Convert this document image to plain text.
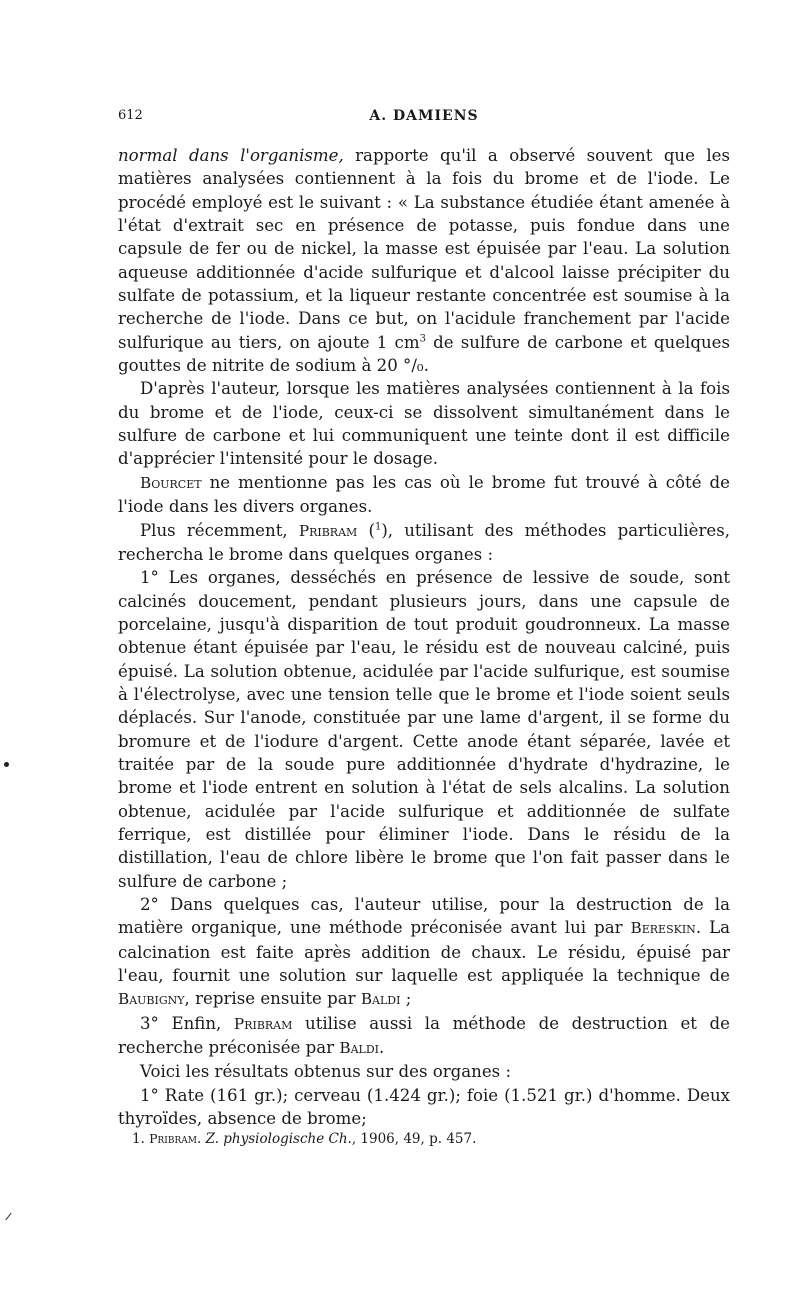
612	A. DAMIENS

normal dans l'organisme, rapporte qu'il a observé souvent que les matières analysées contiennent à la fois du brome et de l'iode. Le procédé employé est le suivant : « La substance étudiée étant amenée à l'état d'extrait sec en présence de potasse, puis fondue dans une capsule de fer ou de nickel, la masse est épuisée par l'eau. La solution aqueuse additionnée d'acide sulfurique et d'alcool laisse précipiter du sulfate de potassium, et la liqueur restante concentrée est soumise à la recherche de l'iode. Dans ce but, on l'acidule franchement par l'acide sulfurique au tiers, on ajoute 1 $cm^3$ de sulfure de carbone et quelques gouttes de nitrite de sodium à 20 °/₀.

D'après l'auteur, lorsque les matières analysées contiennent à la fois du brome et de l'iode, ceux-ci se dissolvent simultanément dans le sulfure de carbone et lui communiquent une teinte dont il est difficile d'apprécier l'intensité pour le dosage.

Bourcet ne mentionne pas les cas où le brome fut trouvé à côté de l'iode dans les divers organes.

Plus récemment, Pribram ($^1$), utilisant des méthodes particulières, rechercha le brome dans quelques organes :

1° Les organes, desséchés en présence de lessive de soude, sont calcinés doucement, pendant plusieurs jours, dans une capsule de porcelaine, jusqu'à disparition de tout produit goudronneux. La masse obtenue étant épuisée par l'eau, le résidu est de nouveau calciné, puis épuisé. La solution obtenue, acidulée par l'acide sulfurique, est soumise à l'électrolyse, avec une tension telle que le brome et l'iode soient seuls déplacés. Sur l'anode, constituée par une lame d'argent, il se forme du bromure et de l'iodure d'argent. Cette anode étant séparée, lavée et traitée par de la soude pure additionnée d'hydrate d'hydrazine, le brome et l'iode entrent en solution à l'état de sels alcalins. La solution obtenue, acidulée par l'acide sulfurique et additionnée de sulfate ferrique, est distillée pour éliminer l'iode. Dans le résidu de la distillation, l'eau de chlore libère le brome que l'on fait passer dans le sulfure de carbone ;

2° Dans quelques cas, l'auteur utilise, pour la destruction de la matière organique, une méthode préconisée avant lui par Bereskin. La calcination est faite après addition de chaux. Le résidu, épuisé par l'eau, fournit une solution sur laquelle est appliquée la technique de Baubigny, reprise ensuite par Baldi ;

3° Enfin, Pribram utilise aussi la méthode de destruction et de recherche préconisée par Baldi.

Voici les résultats obtenus sur des organes :

1° Rate (161 gr.); cerveau (1.424 gr.); foie (1.521 gr.) d'homme. Deux thyroïdes, absence de brome;

1. Pribram. Z. physiologische Ch., 1906, 49, p. 457.
